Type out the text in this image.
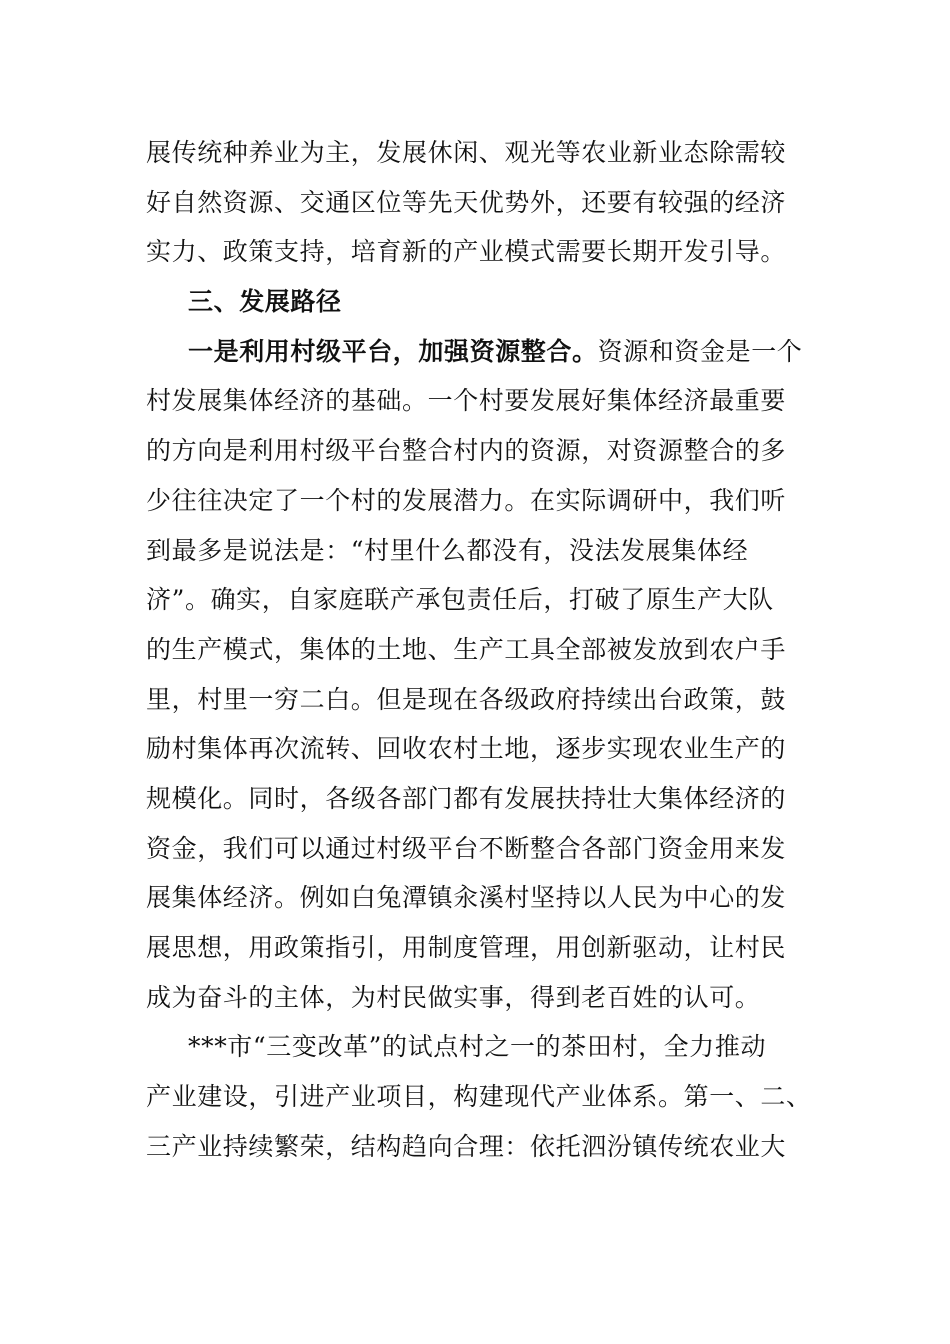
展传统种养业为主，发展休闲、观光等农业新业态除需较
好自然资源、交通区位等先天优势外，还要有较强的经济
实力、政策支持，培育新的产业模式需要长期开发引导。
三、发展路径
一是利用村级平台，加强资源整合。资源和资金是一个
村发展集体经济的基础。一个村要发展好集体经济最重要
的方向是利用村级平台整合村内的资源，对资源整合的多
少往往决定了一个村的发展潜力。在实际调研中，我们听
到最多是说法是：“村里什么都没有，没法发展集体经
济”。确实，自家庭联产承包责任后，打破了原生产大队
的生产模式，集体的土地、生产工具全部被发放到农户手
里，村里一穷二白。但是现在各级政府持续出台政策，鼓
励村集体再次流转、回收农村土地，逐步实现农业生产的
规模化。同时，各级各部门都有发展扶持壮大集体经济的
资金，我们可以通过村级平台不断整合各部门资金用来发
展集体经济。例如白兔潭镇汆溪村坚持以人民为中心的发
展思想，用政策指引，用制度管理，用创新驱动，让村民
成为奋斗的主体，为村民做实事，得到老百姓的认可。
***市“三变改革”的试点村之一的茶田村，全力推动
产业建设，引进产业项目，构建现代产业体系。第一、二、
三产业持续繁荣，结构趋向合理：依托泗汾镇传统农业大
